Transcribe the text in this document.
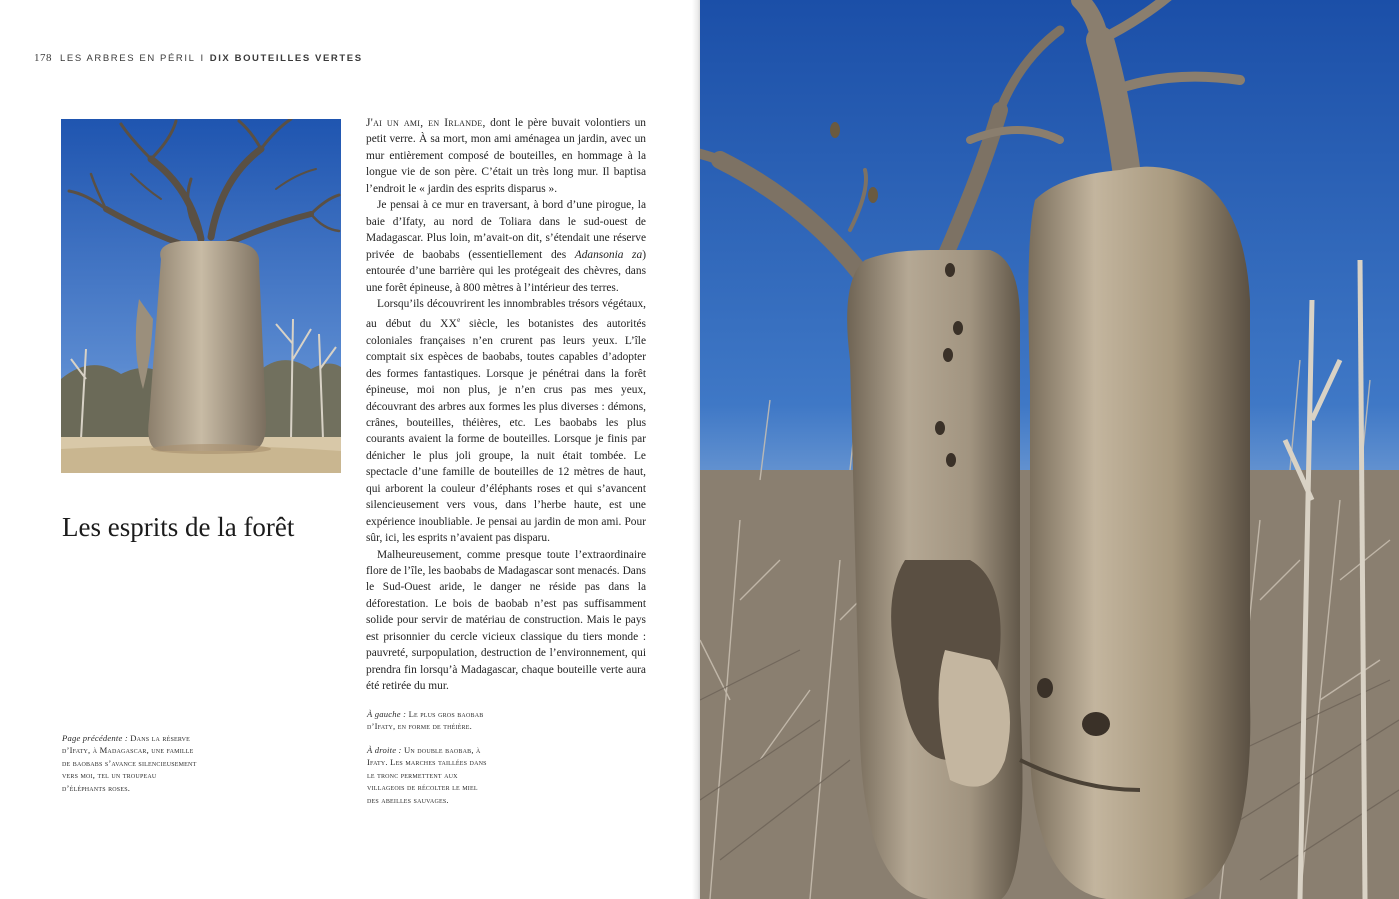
178 LES ARBRES EN PÉRIL I DIX BOUTEILLES VERTES
Les esprits de la forêt

J'ai un ami, en Irlande, dont le père buvait volontiers un petit verre. À sa mort, mon ami aménagea un jardin, avec un mur entièrement composé de bouteilles, en hommage à la longue vie de son père. C’était un très long mur. Il baptisa l’endroit le « jardin des esprits disparus ».

Je pensai à ce mur en traversant, à bord d’une pirogue, la baie d’Ifaty, au nord de Toliara dans le sud-ouest de Madagascar. Plus loin, m’avait-on dit, s’étendait une réserve privée de baobabs (essentiellement des Adansonia za) entourée d’une barrière qui les protégeait des chèvres, dans une forêt épineuse, à 800 mètres à l’intérieur des terres.

Lorsqu’ils découvrirent les innombrables trésors végétaux, au début du XXe siècle, les botanistes des autorités coloniales françaises n’en crurent pas leurs yeux. L’île comptait six espèces de baobabs, toutes capables d’adopter des formes fantastiques. Lorsque je pénétrai dans la forêt épineuse, moi non plus, je n’en crus pas mes yeux, découvrant des arbres aux formes les plus diverses : démons, crânes, bouteilles, théières, etc. Les baobabs les plus courants avaient la forme de bouteilles. Lorsque je finis par dénicher le plus joli groupe, la nuit était tombée. Le spectacle d’une famille de bouteilles de 12 mètres de haut, qui arborent la couleur d’éléphants roses et qui s’avancent silencieusement vers vous, dans l’herbe haute, est une expérience inoubliable. Je pensai au jardin de mon ami. Pour sûr, ici, les esprits n’avaient pas disparu.

Malheureusement, comme presque toute l’extraordinaire flore de l’île, les baobabs de Madagascar sont menacés. Dans le Sud-Ouest aride, le danger ne réside pas dans la déforestation. Le bois de baobab n’est pas suffisamment solide pour servir de matériau de construction. Mais le pays est prisonnier du cercle vicieux classique du tiers monde : pauvreté, surpopulation, destruction de l’environnement, qui prendra fin lorsqu’à Madagascar, chaque bouteille verte aura été retirée du mur.

Page précédente : Dans la réserve d’Ifaty, à Madagascar, une famille de baobabs s’avance silencieusement vers moi, tel un troupeau d’éléphants roses.

À gauche : Le plus gros baobab d’Ifaty, en forme de théière.

À droite : Un double baobab, à Ifaty. Les marches taillées dans le tronc permettent aux villageois de récolter le miel des abeilles sauvages.
